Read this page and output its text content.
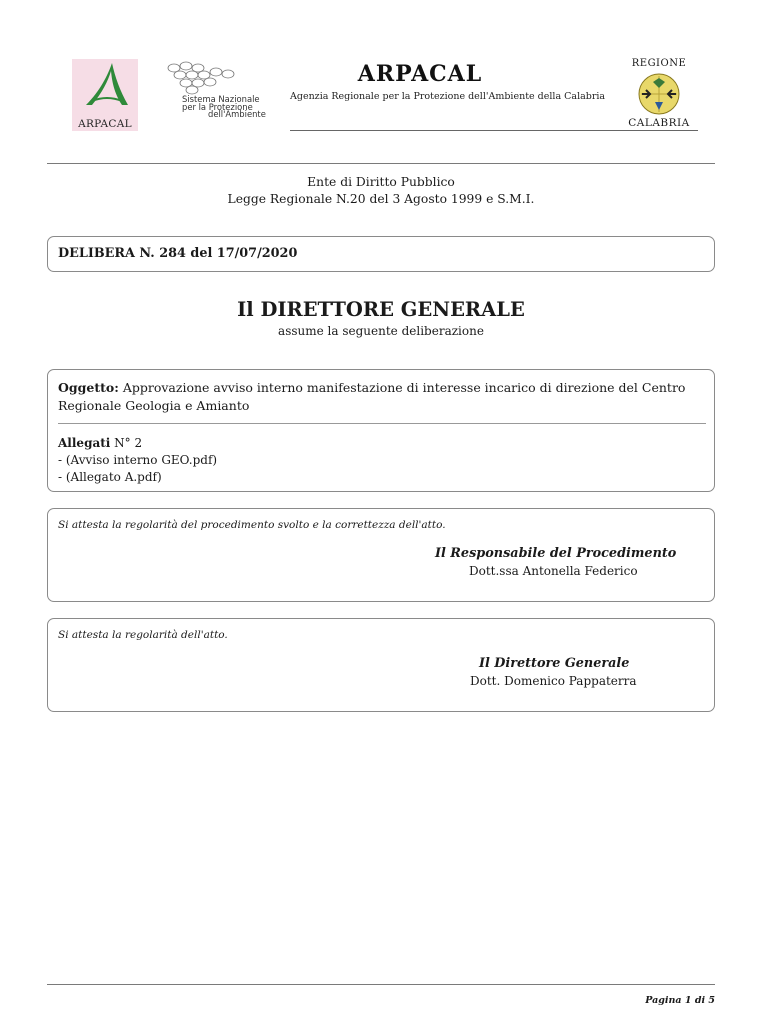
ARPACAL
Sistema Nazionale
per la Protezione
dell'Ambiente
ARPACAL
Agenzia Regionale per la Protezione dell'Ambiente della Calabria
REGIONE
CALABRIA
Ente di Diritto Pubblico
Legge Regionale N.20 del 3 Agosto 1999 e S.M.I.
DELIBERA N. 284 del 17/07/2020
Il DIRETTORE GENERALE
assume la seguente deliberazione
Oggetto: Approvazione avviso interno manifestazione di interesse incarico di direzione del Centro Regionale Geologia e Amianto
Allegati N° 2
- (Avviso interno GEO.pdf)
- (Allegato A.pdf)
Si attesta la regolarità del procedimento svolto e la correttezza dell'atto.
Il Responsabile del Procedimento
Dott.ssa Antonella Federico
Si attesta la regolarità dell'atto.
Il Direttore Generale
Dott. Domenico Pappaterra
Pagina 1 di 5
